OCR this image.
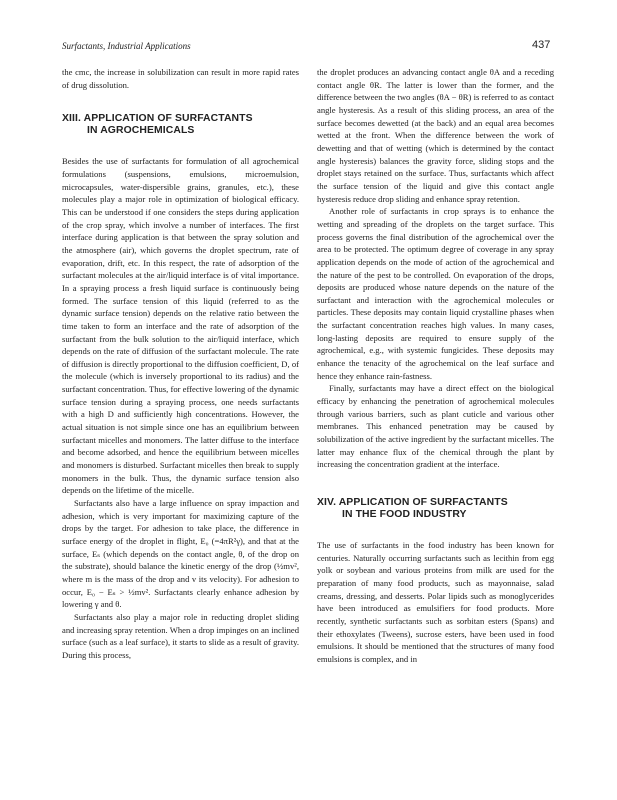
Surfactants, Industrial Applications	437

the cmc, the increase in solubilization can result in more rapid rates of drug dissolution.

XIII. APPLICATION OF SURFACTANTS
IN AGROCHEMICALS

Besides the use of surfactants for formulation of all agrochemical formulations (suspensions, emulsions, microemulsion, microcapsules, water-dispersible grains, granules, etc.), these molecules play a major role in optimization of biological efficacy. This can be understood if one considers the steps during application of the crop spray, which involve a number of interfaces. The first interface during application is that between the spray solution and the atmosphere (air), which governs the droplet spectrum, rate of evaporation, drift, etc. In this respect, the rate of adsorption of the surfactant molecules at the air/liquid interface is of vital importance. In a spraying process a fresh liquid surface is continuously being formed. The surface tension of this liquid (referred to as the dynamic surface tension) depends on the relative ratio between the time taken to form an interface and the rate of adsorption of the surfactant from the bulk solution to the air/liquid interface, which depends on the rate of diffusion of the surfactant molecule. The rate of diffusion is directly proportional to the diffusion coefficient, D, of the molecule (which is inversely proportional to its radius) and the surfactant concentration. Thus, for effective lowering of the dynamic surface tension during a spraying process, one needs surfactants with a high D and sufficiently high concentrations. However, the actual situation is not simple since one has an equilibrium between surfactant micelles and monomers. The latter diffuse to the interface and become adsorbed, and hence the equilibrium between micelles and monomers is disturbed. Surfactant micelles then break to supply monomers in the bulk. Thus, the dynamic surface tension also depends on the lifetime of the micelle.

Surfactants also have a large influence on spray impaction and adhesion, which is very important for maximizing capture of the drops by the target. For adhesion to take place, the difference in surface energy of the droplet in flight, E₀ (=4πR²γ), and that at the surface, Eₛ (which depends on the contact angle, θ, of the drop on the substrate), should balance the kinetic energy of the drop (½mv², where m is the mass of the drop and v its velocity). For adhesion to occur, E₀ − Eₛ > ½mv². Surfactants clearly enhance adhesion by lowering γ and θ.

Surfactants also play a major role in reducting droplet sliding and increasing spray retention. When a drop impinges on an inclined surface (such as a leaf surface), it starts to slide as a result of gravity. During this process,

the droplet produces an advancing contact angle θA and a receding contact angle θR. The latter is lower than the former, and the difference between the two angles (θA − θR) is referred to as contact angle hysteresis. As a result of this sliding process, an area of the surface becomes dewetted (at the back) and an equal area becomes wetted at the front. When the difference between the work of dewetting and that of wetting (which is determined by the contact angle hysteresis) balances the gravity force, sliding stops and the droplet stays retained on the surface. Thus, surfactants which affect the surface tension of the liquid and give this contact angle hysteresis reduce drop sliding and enhance spray retention.

Another role of surfactants in crop sprays is to enhance the wetting and spreading of the droplets on the target surface. This process governs the final distribution of the agrochemical over the area to be protected. The optimum degree of coverage in any spray application depends on the mode of action of the agrochemical and the nature of the pest to be controlled. On evaporation of the drops, deposits are produced whose nature depends on the nature of the surfactant and interaction with the agrochemical molecules or particles. These deposits may contain liquid crystalline phases when the surfactant concentration reaches high values. In many cases, long-lasting deposits are required to ensure supply of the agrochemical, e.g., with systemic fungicides. These deposits may enhance the tenacity of the agrochemical on the leaf surface and hence they enhance rain-fastness.

Finally, surfactants may have a direct effect on the biological efficacy by enhancing the penetration of agrochemical molecules through various barriers, such as plant cuticle and various other membranes. This enhanced penetration may be caused by solubilization of the active ingredient by the surfactant micelles. The latter may enhance flux of the chemical through the plant by increasing the concentration gradient at the interface.

XIV. APPLICATION OF SURFACTANTS
IN THE FOOD INDUSTRY

The use of surfactants in the food industry has been known for centuries. Naturally occurring surfactants such as lecithin from egg yolk or soybean and various proteins from milk are used for the preparation of many food products, such as mayonnaise, salad creams, dressing, and desserts. Polar lipids such as monoglycerides have been introduced as emulsifiers for food products. More recently, synthetic surfactants such as sorbitan esters (Spans) and their ethoxylates (Tweens), sucrose esters, have been used in food emulsions. It should be mentioned that the structures of many food emulsions is complex, and in
